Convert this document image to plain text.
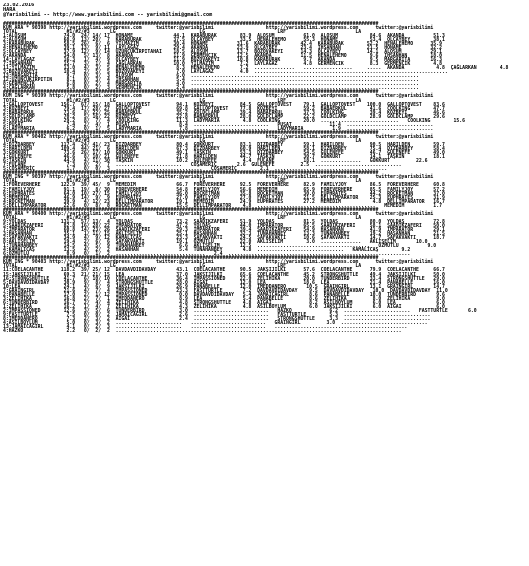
23.02.2016
HARA
@Yarisbilimi -- http://www.yarisbilimi.com -- yarisbilimi@gmail.com
##################################################################################################################################
KUM ARA * 90398 http://yarisbilimi.wordpress.com     twitter:@yarisbilimi                  http://yarisbilimi.wordpress.com      twitter:@yarisbilimi
TOTAL                 #1/#2/#3       LG                             LG                         LRF                        LA
1:ALOŞUM             74.0  24/ 14/ 17  HONAME              44.1  KARABURAK        83.9  ALOŞUM          61.0  ALOŞUM           84.6  AKANDA          51.3
2:ALOŞUM             68.9  13/ 20/  7  KARABURAK           37.5  OLCAYBEY         33.5  HENALEHEMO      55.3  HONAME           53.4  OLCAYBEY        38.1
3:KARABURAK          58.5  26/  6/  6  YILMAZIM            30.4  HONAME          31.6  KARABURAK       42.4  KARABURAK        52.2  HENALEHEMO      35.9
4:HENALEHEMO         39.1  13/  9/ 11  LAYLAGAZ            29.4  AKANDA          23.9  OLCAYBEY        23.4  IHSANHAN         21.5  HONAME          32.2
5:OLCAYBEY           37.9  12/  9/ 14  UZUNCUKIRPITAHAI    18.5  ALOŞUM          13.7  BOZOVAKEYI      14.3  OLCAYBEY         14.1  ALOŞUM          29.1
6:AKANDA             34.0   5/ 13/  8  AKANDA              11.9  GERMENCIK       12.5  AKANDA          11.5  HENALEHEMO        9.6  IHSANHAN        18.0
14:LAYLAGAZ          16.3   1/  4/  9  OLCAYBEY            11.9  BOZOVAKEYI      10.8  KARABURAK        9.7  AKANDA            9.5  MARGARITA       16.3
7:IHSANHAN           15.7   3/  1/  4  ÇAĞLARKAN           10.0  YILMAZIM         7.2  LAYLAGAZ         4.8  GERMENCIK         8.3  GERMENCIK        4.8
11:YILMAZIM          13.0   4/  3/  5  HENALEHEMO           8.3  HENALEHEMO       7.2  ..............   .................     .....  AKANDA           4.8  ÇAĞLARKAN        4.8
3:BOZOVAKEYI         10.4   2/  5/  5  BOZOVAKEYI           7.0  LAYLAGAZ         4.0  ...................................................................
13:MARGARITA          9.7   0/  3/  3  ALOŞUM               6.0  ...............................................................................
12:UZUNCUKIRPITIN     8.1   0/  3/  4  IHSANHAN             5.4  ...............................................................................
8:GERMENCIK           6.8   0/  2/  4  MARGARITA            4.0  ...............................................................................
4:ÇAĞLARKAN           5.8   0/  2/  3  GERMENCIK            2.4  ...............................................................................
##################################################################################################################################
KUM ING * 90399 http://yarisbilimi.wordpress.com     twitter:@yarisbilimi                  http://yarisbilimi.wordpress.com      twitter:@yarisbilimi
TOTAL                 #1/#2/#3       LG                             LG                         LRF                        LA
1:GALLOPTOVEST      156.7  67/ 15/ 18  GALLOPTOVEST         94.1  KOZBEYI         84.5  GALLOPTOVEST    79.1  GALLOPTOVEST    100.0  GALLOPTOVEST    83.6
3:KOZBEYI            79.4  17/ 28/ 27  GOLDCLAMP            69.8  GALLOPTOVEST    77.8  KOZBEYI         59.2  BABAERKUL        41.6  COOLKING        47.7
2:BABAERKUL          73.6   8/ 22/ 25  BABAERKUL            35.2  GOLDCLAMP       39.4  BABAERKUL       37.3  COOLKING         39.4  KOZBEYI         46.6
5:GOLDCLAMP          70.2   5/ 16/ 22  KOZBEYI              22.8  BABAERKUL       28.0  GOLDCLAMP       22.2  GOLDCLAMP        28.9  GOLDCLAMP       29.6
4:COOLKING           29.2   8/  7/  4  COOLKING             11.3  LADYMARIA        4.8  COOLKING        20.0  ...........................   COOLKING        15.6
5:PUSAT               7.4   2/  4/  1  PUSAT                 8.4  ..........................   PUSAT             11.4  ..............................
6:LADYMARIA           6.2   0/  1/  5  LADYMARIA             7.8  ..........................   LADYMARIA          1.9  ..............................
##################################################################################################################################
KUM ARA * 90402 http://yarisbilimi.wordpress.com     twitter:@yarisbilimi                  http://yarisbilimi.wordpress.com      twitter:@yarisbilimi
TOTAL                 #1/#2/#3       LG                             LG                         LRF                        LA
4:DIZDARBEY         117.4  24/ 41/ 23  DIZDARBEY            80.4  GOKKURT         83.1  DIZDARBEY       59.1  HARILDEN         90.5  HARILDEN        59.7
2:HARILDEN          109.4  44/ 21/  6  HARILDEN             67.3  DIZDARBEY       60.9  HARILDEN        58.1  DIZDARBEY        75.4  DIZDARBEY       58.4
3:GOKKURT            73.6  26/ 17/ 10  GOKKURT              49.1  TAŞKIN          53.3  DIZDARBEY       54.5  GULENEFE         46.7  GULENEFE        49.0
1:GULENEFE           46.6   8/ 10/ 21  GULENEFE             21.8  HARILDEN        44.7  TAŞKIN          30.7  GOKKURT          14.1  TAŞKIN          18.1
6:TAŞKIN             44.9   4/ 11/ 30  TAŞKIN               10.2  GULENEFE         4.4  FULANE          18.1  ..............   GOKKURT         22.6
7:FULANE              7.3   0/  2/  7  .......................   COŞAMERİÇ       2.6  GULENEFE         2.5  ..............................
5:COŞAMERİÇ           1.7   0/  0/  3  ..............................   COŞAMERİÇ        2.1  .......................................
##################################################################################################################################
KUM ING * 90397 http://yarisbilimi.wordpress.com     twitter:@yarisbilimi                  http://yarisbilimi.wordpress.com      twitter:@yarisbilimi
TOTAL                 #1/#2/#3       LG                             LG                         LRF                        LA
1:FOREVERHERE       122.9  39/ 45/  9  MEMEDIM              66.7  FOREVERHERE     92.5  FOREVERHERE     82.9  FAMILYJOY        86.5  FOREVERHERE     60.8
2:FAMILYJOY          91.1  19/  8/ 30  FOREVERHERE          54.8  FAMILYJOY       56.6  MEMEDIM         65.9  FOREVERHERE      85.5  FAMILYJOY       57.2
6:EUPHRATES          64.0  10/ 27/ 15  FAMILYJOY            46.0  ROCKETMAN       35.8  ROCKETMAN       30.0  EUPHRATES        44.2  ROCKETMAN       37.0
3:MEMEDIM            46.9  14/  9/  9  EUPHRATES            27.0  FAMILYJOY       27.0  FAMILYJOY       21.5  DELLIMPARATOR    25.3  EUPHRATES       31.9
4:ROCKETMAN          39.9   4/ 12/ 23  DELLIMPARATOR        19.1  MEMEDIM         24.9  EUPHRATES       27.2  MEMEDIM           4.8  DELLIMPARATOR   16.7
5:DELLIMPARATOR      22.6   0/  8/  8  ROCKETMAN            15.5  DELLIMPARATOR    4.8  .........................................   MEMEDIM          1.7
##################################################################################################################################
KUM ARA * 90400 http://yarisbilimi.wordpress.com     twitter:@yarisbilimi                  http://yarisbilimi.wordpress.com      twitter:@yarisbilimi
TOTAL                 #1/#2/#3       LG                             LG                         LRF                        LA
9:YOLDAŞ            131.3  57/ 13/  4  YOLDAŞ               73.2  SAADIKZAFERI    51.9  YOLDAŞ          81.5  YOLDAŞ           80.0  YOLDAŞ          72.8
5:SAADIKZAFERI       82.8  16/ 28/ 22  IMPARATOR            47.2  YOLDAŞ          44.0  IMPARATOR       65.5  SAADIKZAFERI     58.1  SAADIKZAFERI    50.0
7:IMPARATOR          60.8  14/ 23/ 26  SAADIKZAFERI         29.3  IMPARATOR       39.4  SAADIKZAFERI    54.9  HASANHAN         41.9  IMPARATOR       29.1
3:HASANHAN           35.1   1/ 11/ 15  AKLISELIM            25.1  HASANHAN        32.3  TUNAHANBEY      13.3  TUNAHANBEY       19.2  HASANHAN        21.5
2:ŞAFAKVAKTI         34.9   4/  9/ 12  KAMALICAŞ            23.3  ŞAFAKVAKTI      24.5  ŞAFAKVAKTI      10.6  ŞAFAKVAKTI       14.7  ŞAFAKVAKTI      18.7
8:AKLISELIM          19.4   2/  6/  6  ŞAFAKVAKTI           19.1  OZMUTLU         22.0  AKLISELIM        3.0  ..............   AKLISELIM       10.0
1:TUNAHANBEY         14.5   4/  5/  9  TUNAHANBEY            6.6  AKLISELIM       12.5  .......................................   OZMUTLU          9.0
4:KAMALICAŞ          13.5   4/  2/  2  HASANHAN              5.4  TUNAHANBEY       4.8  ..............................   KAMALICAŞ        9.2
6:OZMUTLU             0.9   0/  1/  2  ...............................   2.4  ...............................................................
##################################################################################################################################
KUM ING * 90403 http://yarisbilimi.wordpress.com     twitter:@yarisbilimi                  http://yarisbilimi.wordpress.com      twitter:@yarisbilimi
TOTAL                 #1/#2/#3       LG                             LG                         LRF                        LA
11:COELACANTHE      118.2  39/ 25/ 12  DAVDAVDIDAVDAY       43.1  COELACANTHE     90.5  JAKŞIJILKI      57.6  COELACANTHE      79.9  COELACANTHE     66.7
15:JAKŞIJILKI        69.3  21/ 21/ 15  LEA                  37.0  JAKŞIJILKI      65.6  COELACANTHE     45.2  STRONGSHUTTLE    49.4  JAKŞIJILKI      50.0
16:STRONGSHUTTLE     41.7   6/ 10/ 10  COELACANTHE          36.4  IMPASSIONED     22.0  ZELIHIKA        20.0  TUNDERBIRD       33.4  STRONGSHUTTLE   29.0
5:DAVDAVDIDAVDAY     30.9   9/  8/  4  STRONGSHUTTLE        28.0  AIGAI           12.0  LEA             18.6  LEA              21.4  PANABELLE       16.0
10:LEA               24.1   4/  6/  9  JAKŞIJILKI           26.9  PANABELLE       12.0  IMEDDANERO       10.5  GRAINGIRL       13.1  GRAINGIRL       14.7
7:GRAINGIRL          21.6   4/  7/  4  IMPASSIONED          23.3  FASTTURTLE       7.2  DAVDAVDIDAVDAY    9.5  DAVDAVDIDAVDAY   10.0  DAVDAVDIDAVDAY  11.0
2:PANABELLE          17.0   2/  1/ 12  IMPASSIONED           0.0  DAVDAVDIDAVDAY   5.4  JAMAICAGIRL       8.6  PANABELLE       10.0  TUNDERBIRD       9.6
3:ZELIHIKA           16.8   2/  7/  1  IMEDDANERO            8.9  LEA              5.4  PANABELLE         8.6  ZELIHIKA         8.0  ZELIHIKA         9.0
6:TUNDERBIRD         16.7   2/  4/  4  ZELIHIKA              4.8  STRONGSHUTTLE    4.8  AIGAI             8.2  ASILBOYLUM       6.0  LEA              6.0
1:ZELIHIKA           16.2   1/  4/  7  ZELIHIKA              4.3  ZELIHIKA         4.8  ASILBOYLUM        6.0  JAKŞIJILKI       6.0  AIGAI            6.0
2:IMPASSIONED        12.6   3/  5/  6  TUNDERBIRD            3.0  ..........................   HAZKO             6.2  .......................   FASTTURTLE       6.0
9:FASTTURTLE          7.5   0/  0/  2  JAMAICAGIRL           2.6  ..........................   FASTTURTLE        5.3  ..............................
8:IMEDDANERO          7.3   2/  3/  2  AIGAI                 2.4  ..........................   STRONGSHUTTLE     3.3  ..............................
4:ASILBOYLUM          5.0   0/  3/  2  .......................   ..........................   GRAINGIRL         3.0  ..............................
13:JAMAICAGIRL        4.1   0/  2/  3  .......................   ..........................   ..............................................
4:HAZKO               2.2   0/  2/  2  ...................................................................................................
